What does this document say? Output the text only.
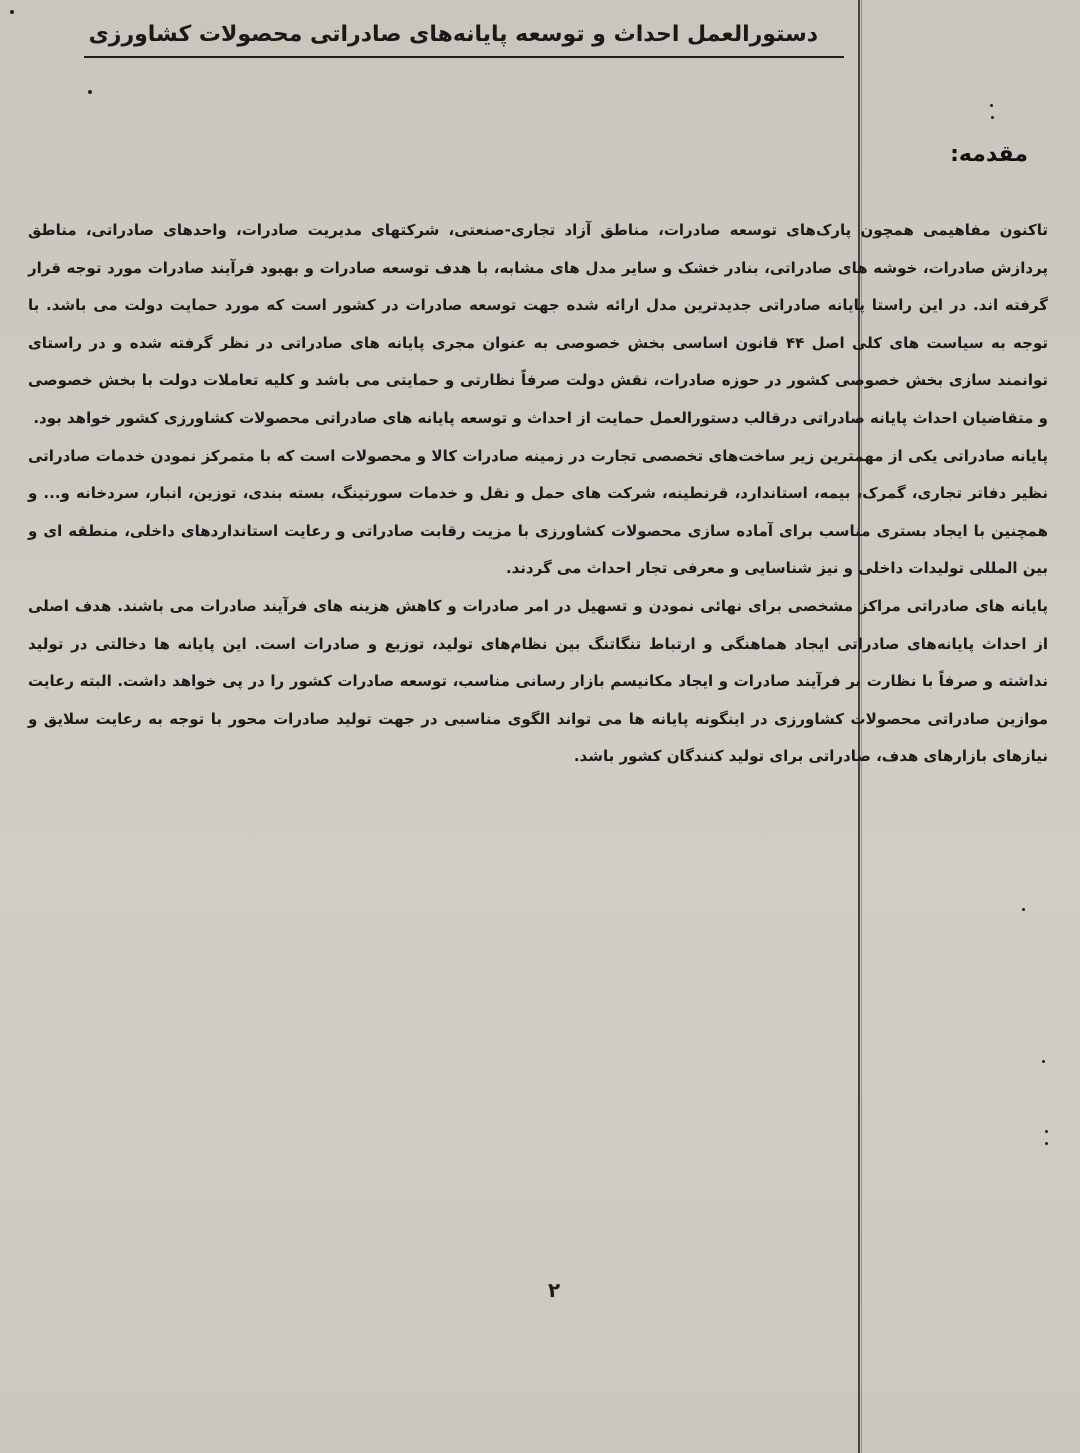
دستورالعمل احداث و توسعه پایانه‌های صادراتی محصولات کشاورزی
مقدمه:

تاکنون مفاهیمی همچون پارک‌های توسعه صادرات، مناطق آزاد تجاری-صنعتی، شرکتهای مدیریت صادرات، واحدهای صادراتی، مناطق پردازش صادرات، خوشه های صادراتی، بنادر خشک و سایر مدل های مشابه، با هدف توسعه صادرات و بهبود فرآیند صادرات مورد توجه قرار گرفته اند. در این راستا پایانه صادراتی جدیدترین مدل ارائه شده جهت توسعه صادرات در کشور است که مورد حمایت دولت می باشد. با توجه به سیاست های کلی اصل ۴۴ قانون اساسی بخش خصوصی به عنوان مجری پایانه های صادراتی در نظر گرفته شده و در راستای توانمند سازی بخش خصوصی کشور در حوزه صادرات، نقش دولت صرفاً نظارتی و حمایتی می باشد و کلیه تعاملات دولت با بخش خصوصی و متقاضیان احداث پایانه صادراتی درقالب دستورالعمل حمایت از احداث و توسعه پایانه های صادراتی محصولات کشاورزی کشور خواهد بود.

پایانه صادراتی یکی از مهمترین زیر ساخت‌های تخصصی تجارت در زمینه صادرات کالا و محصولات است که با متمرکز نمودن خدمات صادراتی نظیر دفاتر تجاری، گمرک، بیمه، استاندارد، قرنطینه، شرکت های حمل و نقل و خدمات سورتینگ، بسته بندی، توزین، انبار، سردخانه و... و همچنین با ایجاد بستری مناسب برای آماده سازی محصولات کشاورزی با مزیت رقابت صادراتی و رعایت استانداردهای داخلی، منطقه ای و بین المللی تولیدات داخلی و نیز شناسایی و معرفی تجار احداث می گردند.

پایانه های صادراتی مراکز مشخصی برای نهائی نمودن و تسهیل در امر صادرات و کاهش هزینه های فرآیند صادرات می باشند. هدف اصلی از احداث پایانه‌های صادراتی ایجاد هماهنگی و ارتباط تنگاتنگ بین نظام‌های تولید، توزیع و صادرات است. این پایانه ها دخالتی در تولید نداشته و صرفاً با نظارت بر فرآیند صادرات و ایجاد مکانیسم بازار رسانی مناسب، توسعه صادرات کشور را در پی خواهد داشت. البته رعایت موازین صادراتی محصولات کشاورزی در اینگونه پایانه ها می تواند الگوی مناسبی در جهت تولید صادرات محور با توجه به رعایت سلایق و نیازهای بازارهای هدف، صادراتی برای تولید کنندگان کشور باشد.

۲
